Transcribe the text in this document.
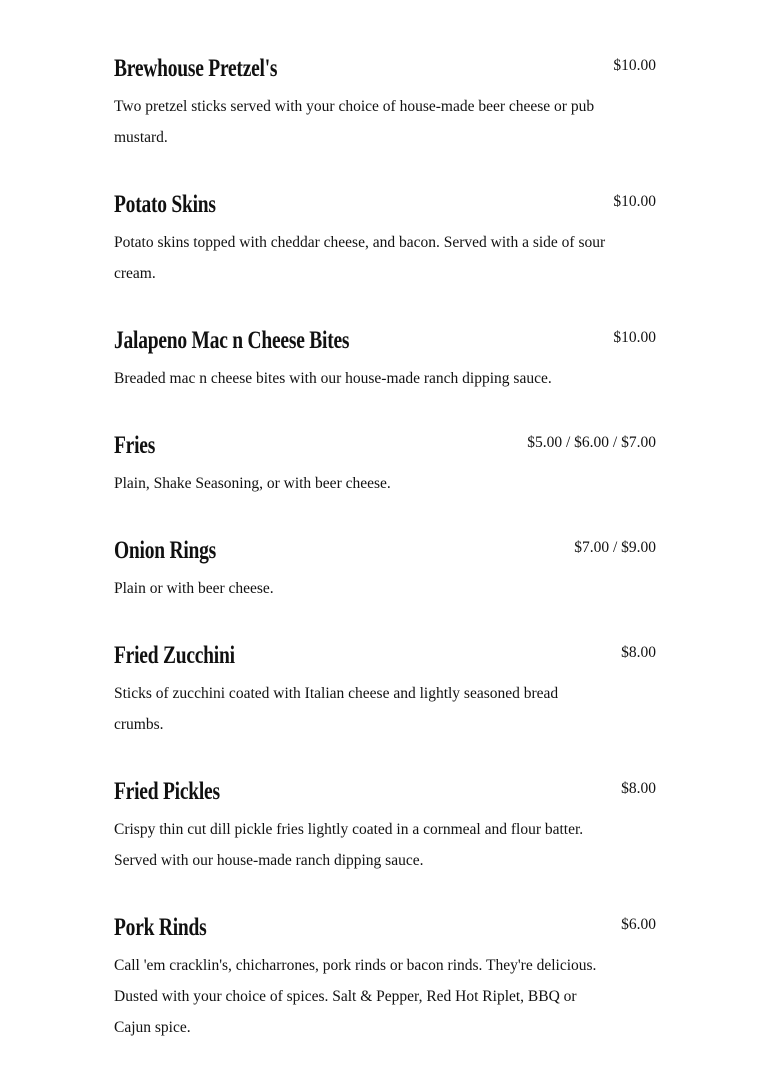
Brewhouse Pretzel's	$10.00
Two pretzel sticks served with your choice of house-made beer cheese or pub mustard.
Potato Skins	$10.00
Potato skins topped with cheddar cheese, and bacon. Served with a side of sour cream.
Jalapeno Mac n Cheese Bites	$10.00
Breaded mac n cheese bites with our house-made ranch dipping sauce.
Fries	$5.00 / $6.00 / $7.00
Plain, Shake Seasoning, or with beer cheese.
Onion Rings	$7.00 / $9.00
Plain or with beer cheese.
Fried Zucchini	$8.00
Sticks of zucchini coated with Italian cheese and lightly seasoned bread crumbs.
Fried Pickles	$8.00
Crispy thin cut dill pickle fries lightly coated in a cornmeal and flour batter. Served with our house-made ranch dipping sauce.
Pork Rinds	$6.00
Call 'em cracklin's, chicharrones, pork rinds or bacon rinds. They're delicious. Dusted with your choice of spices. Salt & Pepper, Red Hot Riplet, BBQ or Cajun spice.
